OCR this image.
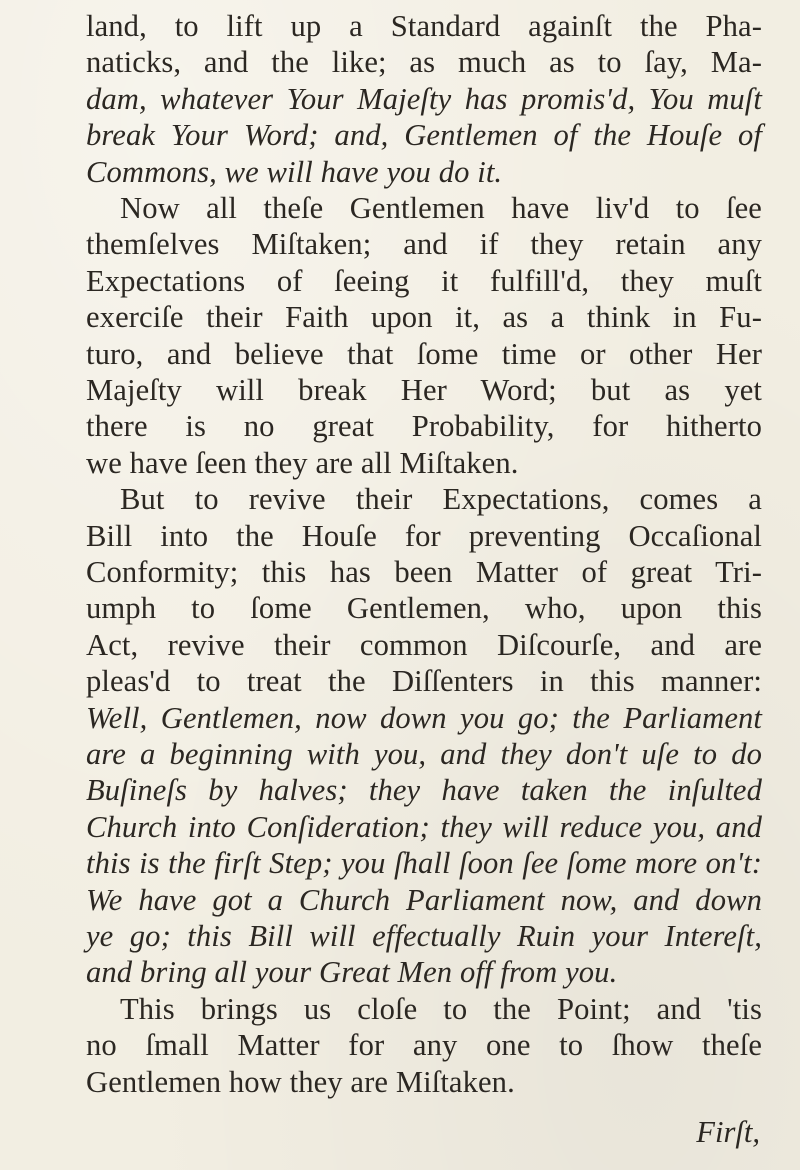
land, to lift up a Standard againſt the Pha-
naticks, and the like; as much as to ſay, Ma-
dam, whatever Your Majeſty has promis'd, You muſt
break Your Word; and, Gentlemen of the Houſe of
Commons, we will have you do it.
Now all theſe Gentlemen have liv'd to ſee
themſelves Miſtaken; and if they retain any
Expectations of ſeeing it fulfill'd, they muſt
exerciſe their Faith upon it, as a think in Fu-
turo, and believe that ſome time or other Her
Majeſty will break Her Word; but as yet
there is no great Probability, for hitherto
we have ſeen they are all Miſtaken.
But to revive their Expectations, comes a
Bill into the Houſe for preventing Occaſional
Conformity; this has been Matter of great Tri-
umph to ſome Gentlemen, who, upon this
Act, revive their common Diſcourſe, and are
pleas'd to treat the Diſſenters in this manner:
Well, Gentlemen, now down you go; the Parliament
are a beginning with you, and they don't uſe to do
Buſineſs by halves; they have taken the inſulted
Church into Conſideration; they will reduce you, and
this is the firſt Step; you ſhall ſoon ſee ſome more on't:
We have got a Church Parliament now, and down
ye go; this Bill will effectually Ruin your Intereſt,
and bring all your Great Men off from you.
This brings us cloſe to the Point; and 'tis
no ſmall Matter for any one to ſhow theſe
Gentlemen how they are Miſtaken.
Firſt,
